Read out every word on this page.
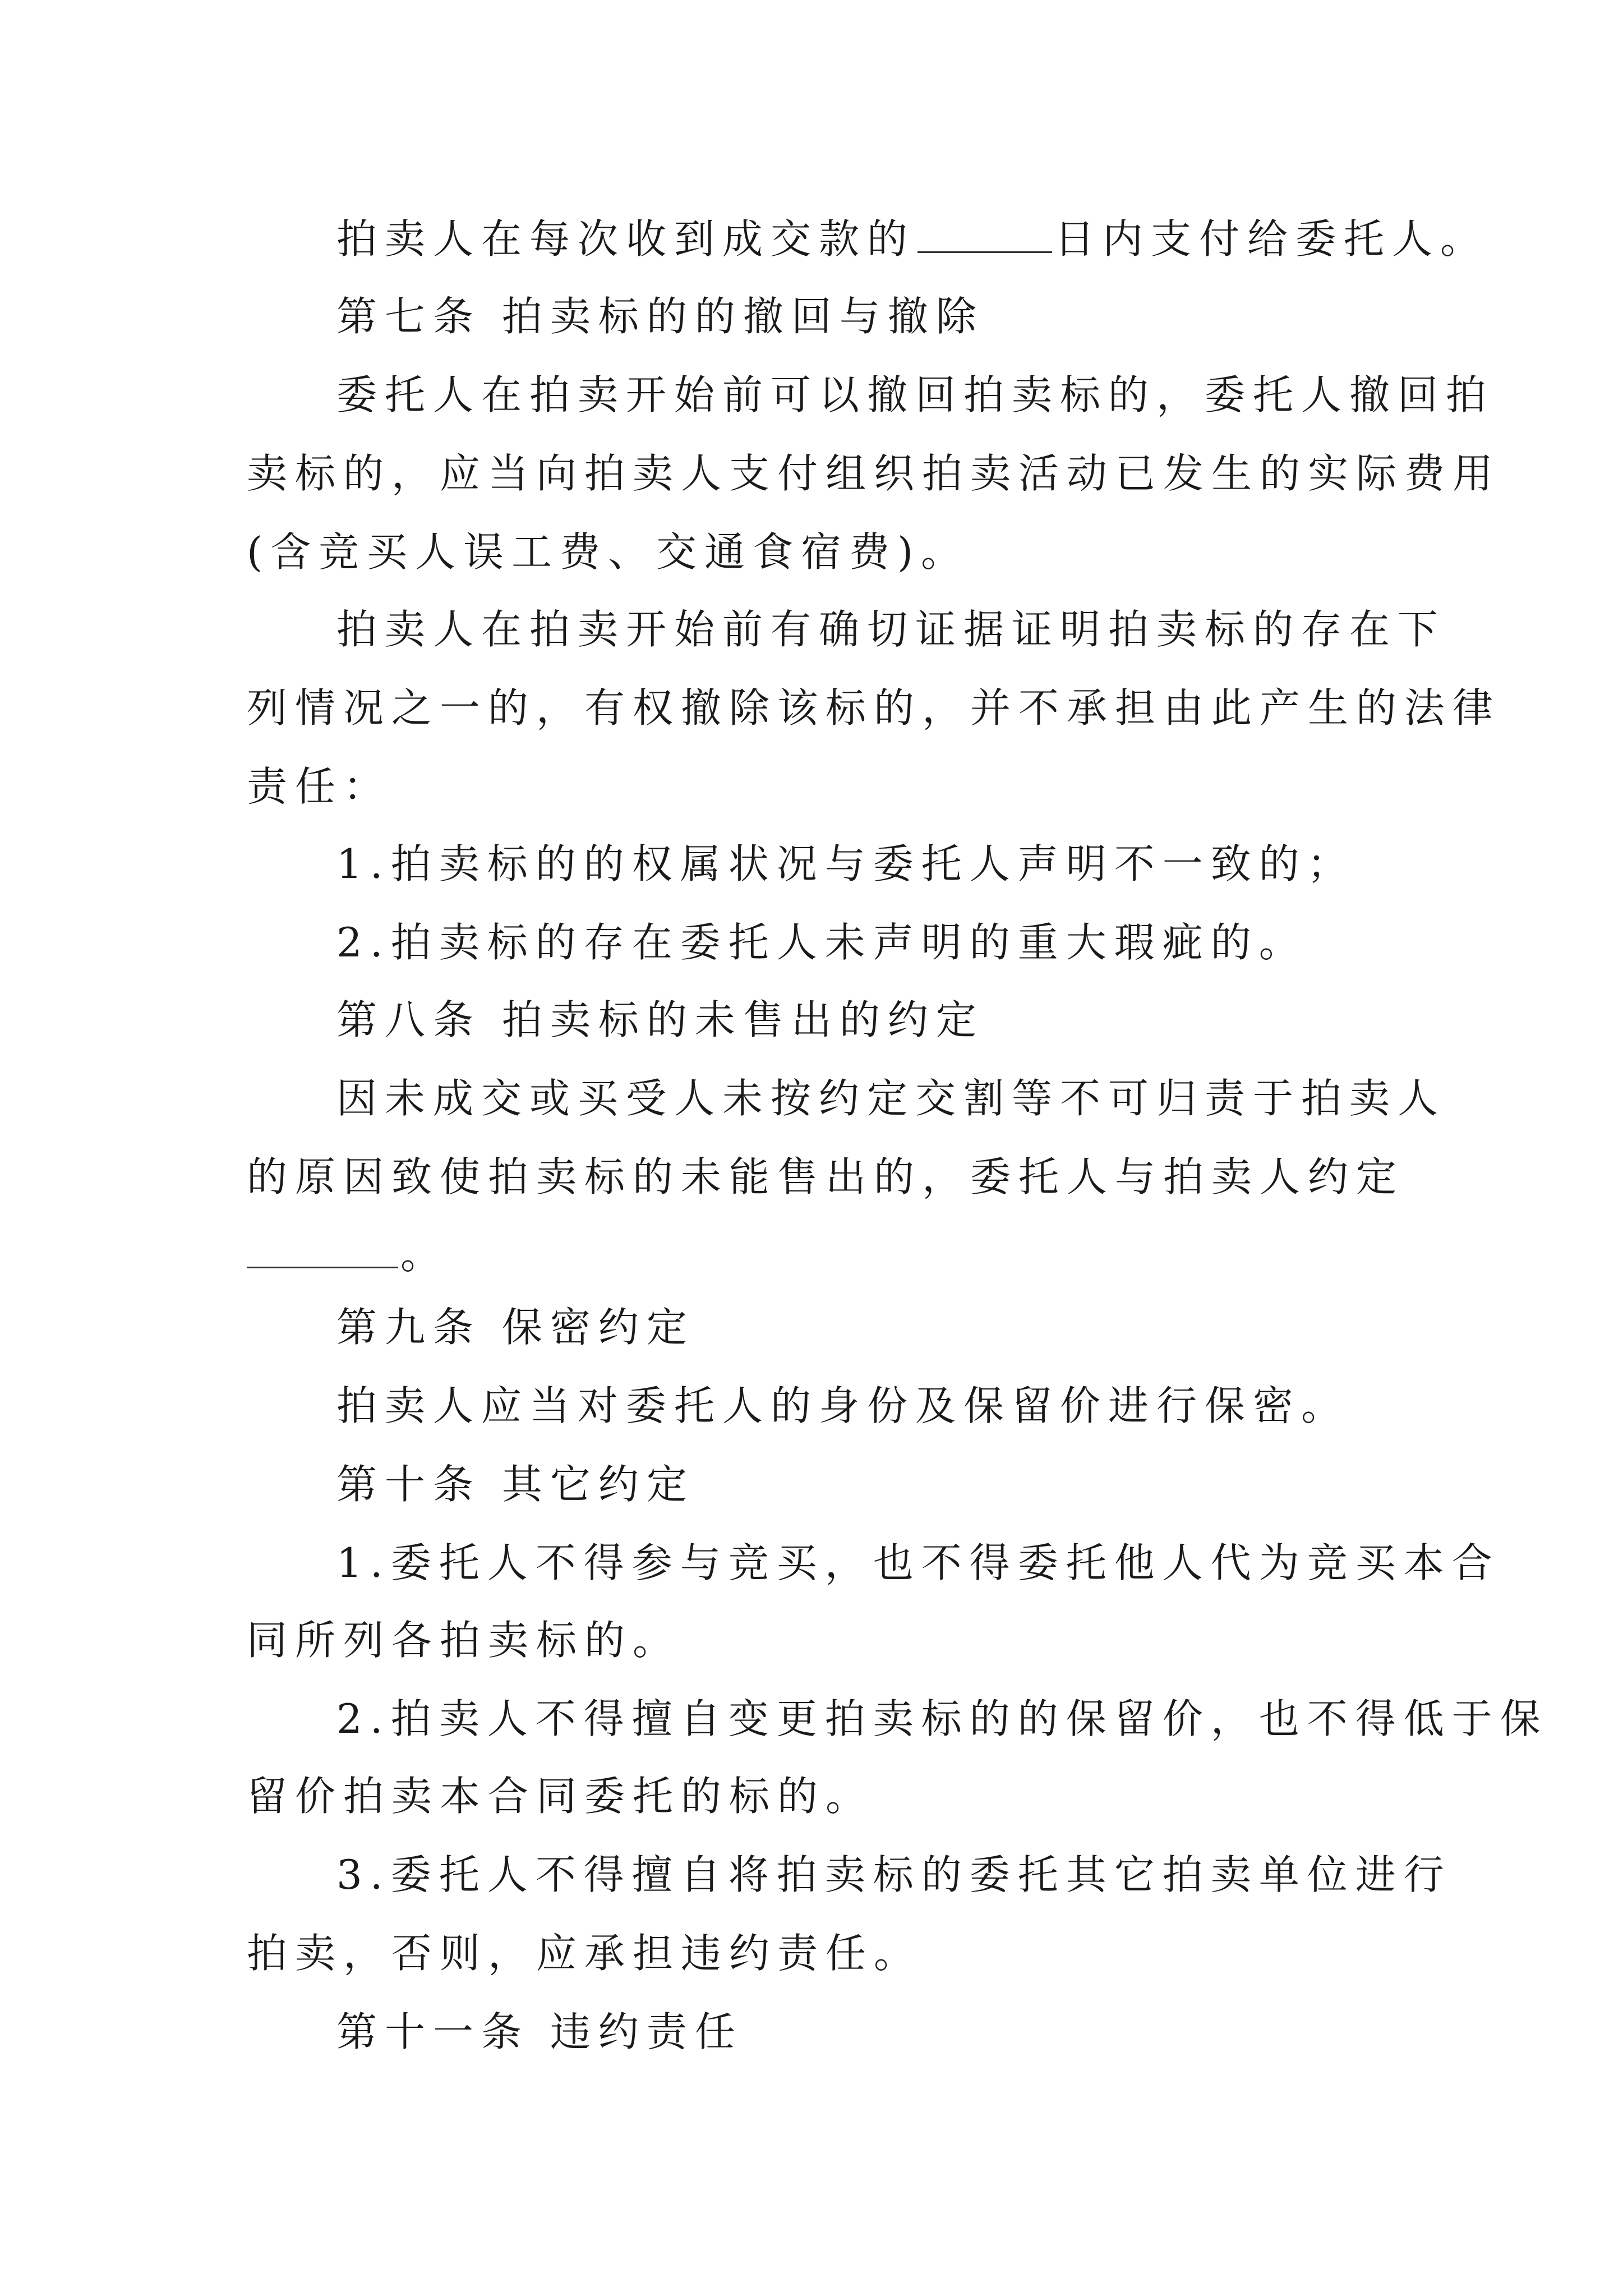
拍卖人在每次收到成交款的	日内支付给委托人。
第七条 拍卖标的的撤回与撤除
委托人在拍卖开始前可以撤回拍卖标的，委托人撤回拍
卖标的，应当向拍卖人支付组织拍卖活动已发生的实际费用
(含竞买人误工费、交通食宿费)。
拍卖人在拍卖开始前有确切证据证明拍卖标的存在下
列情况之一的，有权撤除该标的，并不承担由此产生的法律
责任：
1.拍卖标的的权属状况与委托人声明不一致的；
2.拍卖标的存在委托人未声明的重大瑕疵的。
第八条 拍卖标的未售出的约定
因未成交或买受人未按约定交割等不可归责于拍卖人
的原因致使拍卖标的未能售出的，委托人与拍卖人约定
。
第九条 保密约定
拍卖人应当对委托人的身份及保留价进行保密。
第十条 其它约定
1.委托人不得参与竞买，也不得委托他人代为竞买本合
同所列各拍卖标的。
2.拍卖人不得擅自变更拍卖标的的保留价，也不得低于保
留价拍卖本合同委托的标的。
3.委托人不得擅自将拍卖标的委托其它拍卖单位进行
拍卖，否则，应承担违约责任。
第十一条 违约责任
